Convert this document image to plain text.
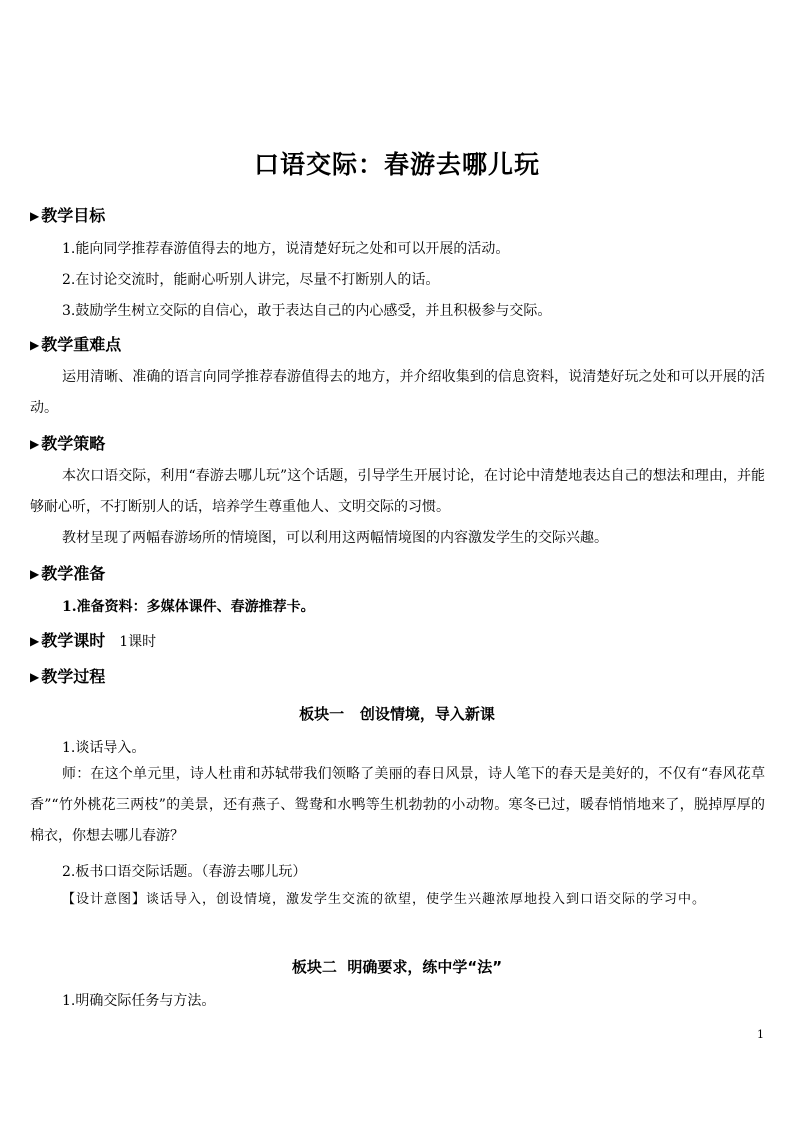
口语交际：春游去哪儿玩
▶ 教学目标
1.能向同学推荐春游值得去的地方，说清楚好玩之处和可以开展的活动。
2.在讨论交流时，能耐心听别人讲完，尽量不打断别人的话。
3.鼓励学生树立交际的自信心，敢于表达自己的内心感受，并且积极参与交际。
▶ 教学重难点
运用清晰、准确的语言向同学推荐春游值得去的地方，并介绍收集到的信息资料，说清楚好玩之处和可以开展的活动。
▶ 教学策略
本次口语交际，利用“春游去哪儿玩”这个话题，引导学生开展讨论，在讨论中清楚地表达自己的想法和理由，并能够耐心听，不打断别人的话，培养学生尊重他人、文明交际的习惯。
教材呈现了两幅春游场所的情境图，可以利用这两幅情境图的内容激发学生的交际兴趣。
▶ 教学准备
1.准备资料：多媒体课件、春游推荐卡。
▶ 教学课时 1课时
▶ 教学过程
板块一   创设情境，导入新课
1.谈话导入。
师：在这个单元里，诗人杜甫和苏轼带我们领略了美丽的春日风景，诗人笔下的春天是美好的，不仅有“春风花草香”“竹外桃花三两枝”的美景，还有燕子、鸳鸯和水鸭等生机勃勃的小动物。寒冬已过，暖春悄悄地来了，脱掉厚厚的棉衣，你想去哪儿春游？
2.板书口语交际话题。（春游去哪儿玩）
【设计意图】谈话导入，创设情境，激发学生交流的欲望，使学生兴趣浓厚地投入到口语交际的学习中。
板块二  明确要求，练中学“法”
1.明确交际任务与方法。
1
